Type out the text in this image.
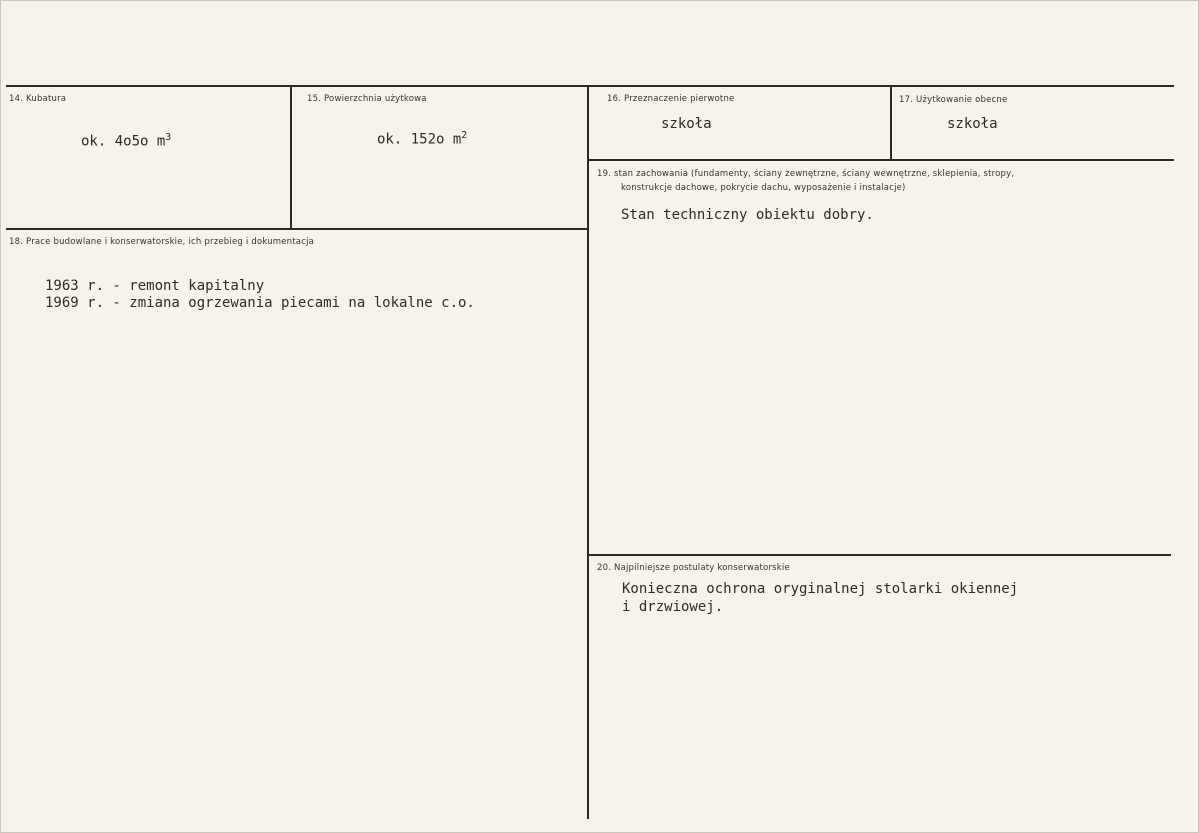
14. Kubatura
ok. 4o5o $m^3$
15. Powierzchnia użytkowa
ok. 152o $m^2$
16. Przeznaczenie pierwotne
szkoła
17. Użytkowanie obecne
szkoła
18. Prace budowlane i konserwatorskie, ich przebieg i dokumentacja
1963 r. - remont kapitalny
1969 r. - zmiana ogrzewania piecami na lokalne c.o.
19. stan zachowania (fundamenty, ściany zewnętrzne, ściany wewnętrzne, sklepienia, stropy,
konstrukcje dachowe, pokrycie dachu, wyposażenie i instalacje)
Stan techniczny obiektu dobry.
20. Najpilniejsze postulaty konserwatorskie
Konieczna ochrona oryginalnej stolarki okiennej
i drzwiowej.
